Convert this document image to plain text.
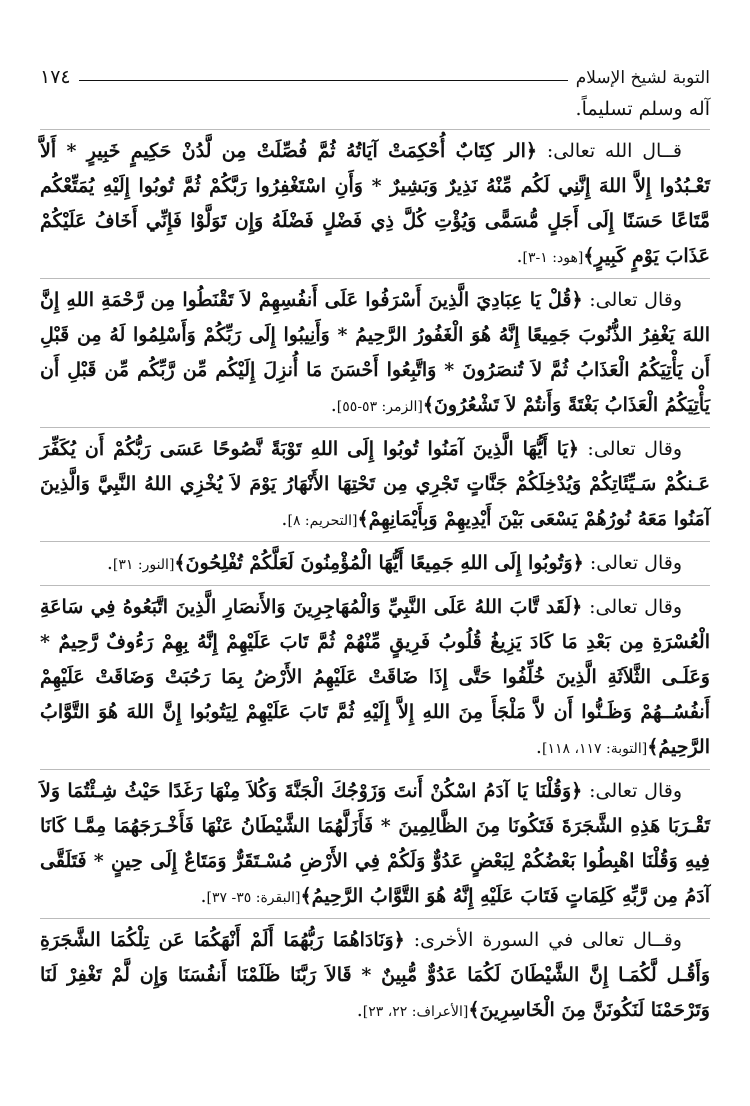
التوبة لشيخ الإسلام
١٧٤

آله وسلم تسليماً.

قــال الله تعالى: ﴿الر كِتَابٌ أُحْكِمَتْ آيَاتُهُ ثُمَّ فُصِّلَتْ مِن لَّدُنْ حَكِيمٍ خَبِيرٍ * أَلاَّ تَعْـبُدُوا إِلاَّ اللهَ إِنَّنِي لَكُم مِّنْهُ نَذِيرٌ وَبَشِيرٌ * وَأَنِ اسْتَغْفِرُوا رَبَّكُمْ ثُمَّ تُوبُوا إِلَيْهِ يُمَتِّعْكُم مَّتَاعًا حَسَنًا إِلَى أَجَلٍ مُّسَمًّى وَيُؤْتِ كُلَّ ذِي فَضْلٍ فَضْلَهُ وَإِن تَوَلَّوْا فَإِنِّي أَخَافُ عَلَيْكُمْ عَذَابَ يَوْمٍ كَبِيرٍ﴾[هود: ١-٣].

وقال تعالى: ﴿قُلْ يَا عِبَادِيَ الَّذِينَ أَسْرَفُوا عَلَى أَنفُسِهِمْ لاَ تَقْنَطُوا مِن رَّحْمَةِ اللهِ إِنَّ اللهَ يَغْفِرُ الذُّنُوبَ جَمِيعًا إِنَّهُ هُوَ الْغَفُورُ الرَّحِيمُ * وَأَنِيبُوا إِلَى رَبِّكُمْ وَأَسْلِمُوا لَهُ مِن قَبْلِ أَن يَأْتِيَكُمُ الْعَذَابُ ثُمَّ لاَ تُنصَرُونَ * وَاتَّبِعُوا أَحْسَنَ مَا أُنزِلَ إِلَيْكُم مِّن رَّبِّكُم مِّن قَبْلِ أَن يَأْتِيَكُمُ الْعَذَابُ بَغْتَةً وَأَنتُمْ لاَ تَشْعُرُونَ﴾[الزمر: ٥٣-٥٥].

وقال تعالى: ﴿يَا أَيُّهَا الَّذِينَ آمَنُوا تُوبُوا إِلَى اللهِ تَوْبَةً نَّصُوحًا عَسَى رَبُّكُمْ أَن يُكَفِّرَ عَـنكُمْ سَـيِّئَاتِكُمْ وَيُدْخِلَكُمْ جَنَّاتٍ تَجْرِي مِن تَحْتِهَا الأَنْهَارُ يَوْمَ لاَ يُخْزِي اللهُ النَّبِيَّ وَالَّذِينَ آمَنُوا مَعَهُ نُورُهُمْ يَسْعَى بَيْنَ أَيْدِيهِمْ وَبِأَيْمَانِهِمْ﴾[التحريم: ٨].

وقال تعالى: ﴿وَتُوبُوا إِلَى اللهِ جَمِيعًا أَيُّهَا الْمُؤْمِنُونَ لَعَلَّكُمْ تُفْلِحُونَ﴾[النور: ٣١].

وقال تعالى: ﴿لَقَد تَّابَ اللهُ عَلَى النَّبِيِّ وَالْمُهَاجِرِينَ وَالأَنصَارِ الَّذِينَ اتَّبَعُوهُ فِي سَاعَةِ الْعُسْرَةِ مِن بَعْدِ مَا كَادَ يَزِيغُ قُلُوبُ فَرِيقٍ مِّنْهُمْ ثُمَّ تَابَ عَلَيْهِمْ إِنَّهُ بِهِمْ رَءُوفٌ رَّحِيمٌ * وَعَلَـى الثَّلاَثَةِ الَّذِينَ خُلِّفُوا حَتَّى إِذَا ضَاقَتْ عَلَيْهِمُ الأَرْضُ بِمَا رَحُبَتْ وَضَاقَتْ عَلَيْهِمْ أَنفُسُــهُمْ وَظَـنُّوا أَن لاَّ مَلْجَأَ مِنَ اللهِ إِلاَّ إِلَيْهِ ثُمَّ تَابَ عَلَيْهِمْ لِيَتُوبُوا إِنَّ اللهَ هُوَ التَّوَّابُ الرَّحِيمُ﴾[التوبة: ١١٧، ١١٨].

وقال تعالى: ﴿وَقُلْنَا يَا آدَمُ اسْكُنْ أَنتَ وَزَوْجُكَ الْجَنَّةَ وَكُلاَ مِنْهَا رَغَدًا حَيْثُ شِـئْتُمَا وَلاَ تَقْـرَبَا هَذِهِ الشَّجَرَةَ فَتَكُونَا مِنَ الظَّالِمِينَ * فَأَزَلَّهُمَا الشَّيْطَانُ عَنْهَا فَأَخْـرَجَهُمَا مِمَّـا كَانَا فِيهِ وَقُلْنَا اهْبِطُوا بَعْضُكُمْ لِبَعْضٍ عَدُوٌّ وَلَكُمْ فِي الأَرْضِ مُسْـتَقَرٌّ وَمَتَاعٌ إِلَى حِينٍ * فَتَلَقَّى آدَمُ مِن رَّبِّهِ كَلِمَاتٍ فَتَابَ عَلَيْهِ إِنَّهُ هُوَ التَّوَّابُ الرَّحِيمُ﴾[البقرة: ٣٥- ٣٧].

وقــال تعالى في السورة الأخرى: ﴿وَنَادَاهُمَا رَبُّهُمَا أَلَمْ أَنْهَكُمَا عَن تِلْكُمَا الشَّجَرَةِ وَأَقُـل لَّكُمَـا إِنَّ الشَّيْطَانَ لَكُمَا عَدُوٌّ مُّبِينٌ * قَالاَ رَبَّنَا ظَلَمْنَا أَنفُسَنَا وَإِن لَّمْ تَغْفِرْ لَنَا وَتَرْحَمْنَا لَنَكُونَنَّ مِنَ الْخَاسِرِينَ﴾[الأعراف: ٢٢، ٢٣].
